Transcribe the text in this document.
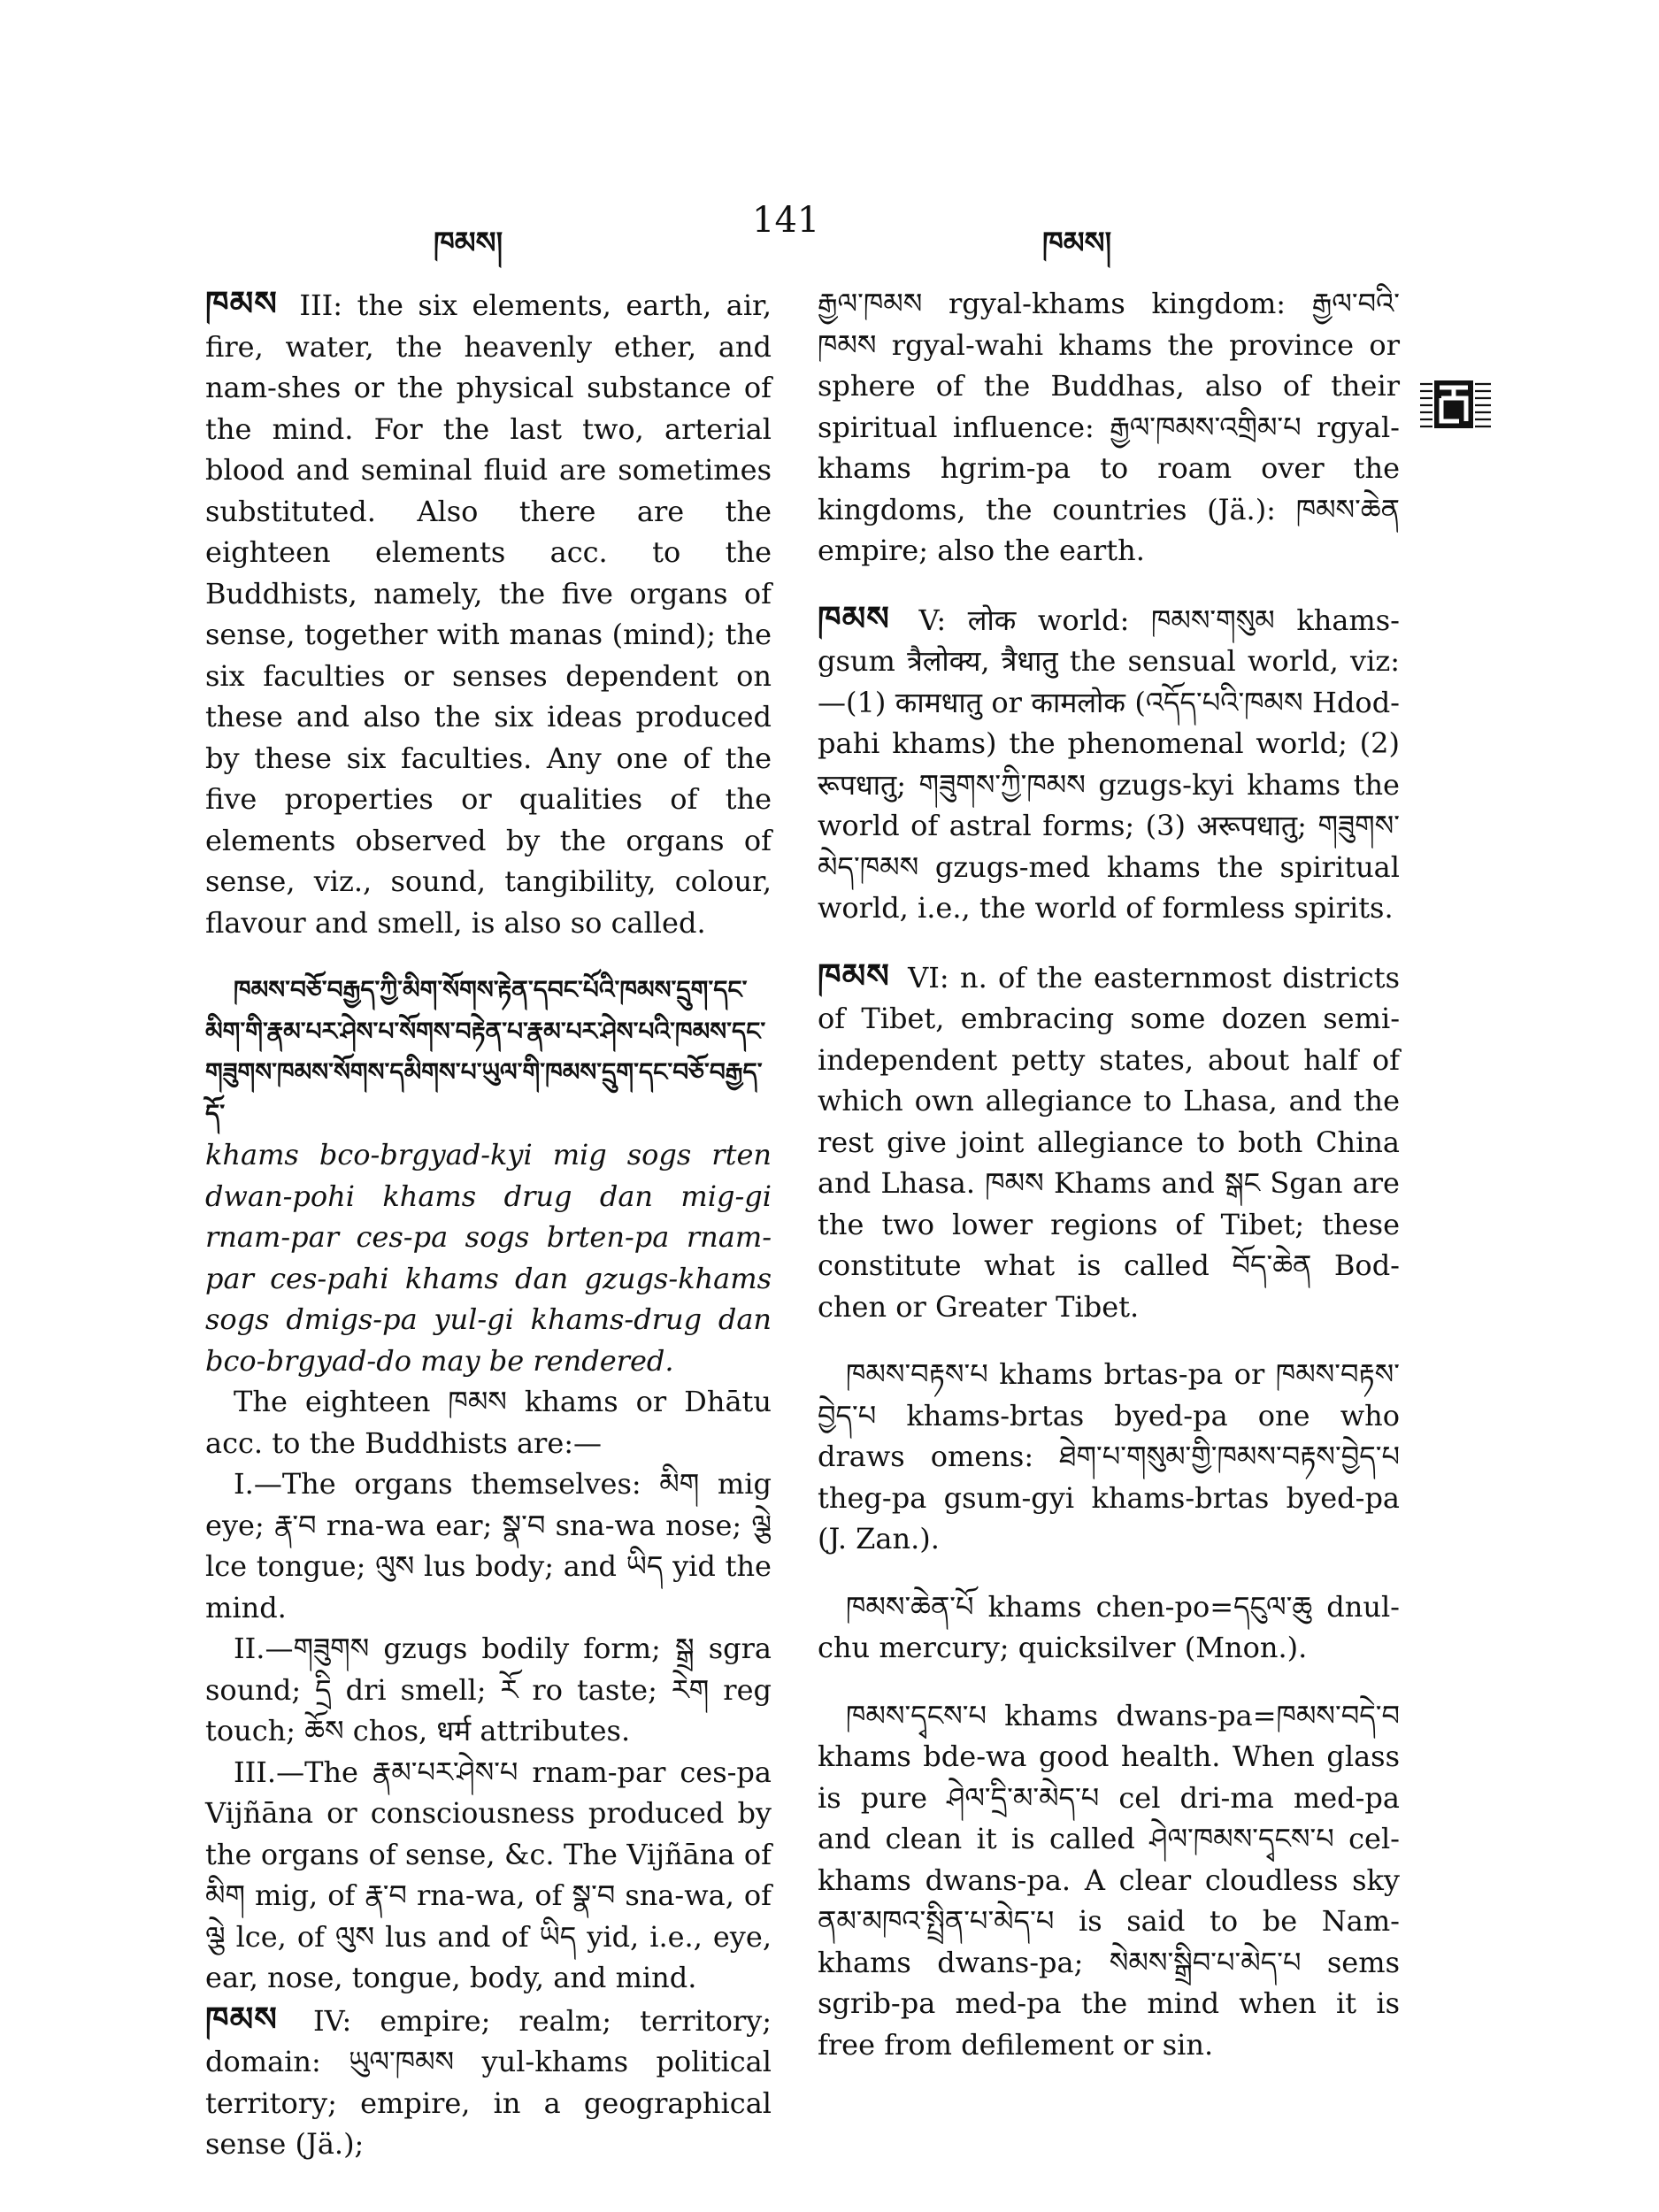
ཁམས།
141
ཁམས།

ཁམས III: the six elements, earth, air, fire, water, the heavenly ether, and nam-shes or the physical substance of the mind. For the last two, arterial blood and seminal fluid are sometimes substituted. Also there are the eighteen elements acc. to the Buddhists, namely, the five organs of sense, together with manas (mind); the six faculties or senses dependent on these and also the six ideas produced by these six faculties. Any one of the five properties or qualities of the elements observed by the organs of sense, viz., sound, tangibility, colour, flavour and smell, is also so called.

ཁམས་བཅོ་བརྒྱད་ཀྱི་མིག་སོགས་རྟེན་དབང་པོའི་ཁམས་དྲུག་དང་མིག་གི་རྣམ་པར་ཤེས་པ་སོགས་བརྟེན་པ་རྣམ་པར་ཤེས་པའི་ཁམས་དང་གཟུགས་ཁམས་སོགས་དམིགས་པ་ཡུལ་གི་ཁམས་དྲུག་དང་བཅོ་བརྒྱད་དོ་

khams bco-brgyad-kyi mig sogs rten dwan-pohi khams drug dan mig-gi rnam-par ces-pa sogs brten-pa rnam-par ces-pahi khams dan gzugs-khams sogs dmigs-pa yul-gi khams-drug dan bco-brgyad-do may be rendered.

The eighteen ཁམས khams or Dhātu acc. to the Buddhists are:—

I.—The organs themselves: མིག mig eye; རྣ་བ rna-wa ear; སྣ་བ sna-wa nose; ལྕེ lce tongue; ལུས lus body; and ཡིད yid the mind.

II.—གཟུགས gzugs bodily form; སྒྲ sgra sound; དྲི dri smell; རོ ro taste; རེག reg touch; ཆོས chos, धर्म attributes.

III.—The རྣམ་པར་ཤེས་པ rnam-par ces-pa Vijñāna or consciousness produced by the organs of sense, &c. The Vijñāna of མིག mig, of རྣ་བ rna-wa, of སྣ་བ sna-wa, of ལྕེ lce, of ལུས lus and of ཡིད yid, i.e., eye, ear, nose, tongue, body, and mind.

ཁམས IV: empire; realm; territory; domain: ཡུལ་ཁམས yul-khams political territory; empire, in a geographical sense (Jä.);

རྒྱལ་ཁམས rgyal-khams kingdom: རྒྱལ་བའི་ཁམས rgyal-wahi khams the province or sphere of the Buddhas, also of their spiritual influence: རྒྱལ་ཁམས་འགྲིམ་པ rgyal-khams hgrim-pa to roam over the kingdoms, the countries (Jä.): ཁམས་ཆེན empire; also the earth.

ཁམས V: लोक world: ཁམས་གསུམ khams-gsum त्रैलोक्य, त्रैधातु the sensual world, viz:—(1) कामधातु or कामलोक (འདོད་པའི་ཁམས Hdod-pahi khams) the phenomenal world; (2) रूपधातु; གཟུགས་ཀྱི་ཁམས gzugs-kyi khams the world of astral forms; (3) अरूपधातु; གཟུགས་མེད་ཁམས gzugs-med khams the spiritual world, i.e., the world of formless spirits.

ཁམས VI: n. of the easternmost districts of Tibet, embracing some dozen semi-independent petty states, about half of which own allegiance to Lhasa, and the rest give joint allegiance to both China and Lhasa. ཁམས Khams and སྒང Sgan are the two lower regions of Tibet; these constitute what is called བོད་ཆེན Bod-chen or Greater Tibet.

ཁམས་བརྟས་པ khams brtas-pa or ཁམས་བརྟས་བྱེད་པ khams-brtas byed-pa one who draws omens: ཐེག་པ་གསུམ་གྱི་ཁམས་བརྟས་བྱེད་པ theg-pa gsum-gyi khams-brtas byed-pa (J. Zan.).

ཁམས་ཆེན་པོ khams chen-po=དངུལ་ཆུ dnul-chu mercury; quicksilver (Mnon.).

ཁམས་དྭངས་པ khams dwans-pa=ཁམས་བདེ་བ khams bde-wa good health. When glass is pure ཤེལ་དྲི་མ་མེད་པ cel dri-ma med-pa and clean it is called ཤེལ་ཁམས་དྭངས་པ cel-khams dwans-pa. A clear cloudless sky ནམ་མཁའ་སྤྲིན་པ་མེད་པ is said to be Nam-khams dwans-pa; སེམས་སྒྲིབ་པ་མེད་པ sems sgrib-pa med-pa the mind when it is free from defilement or sin.
